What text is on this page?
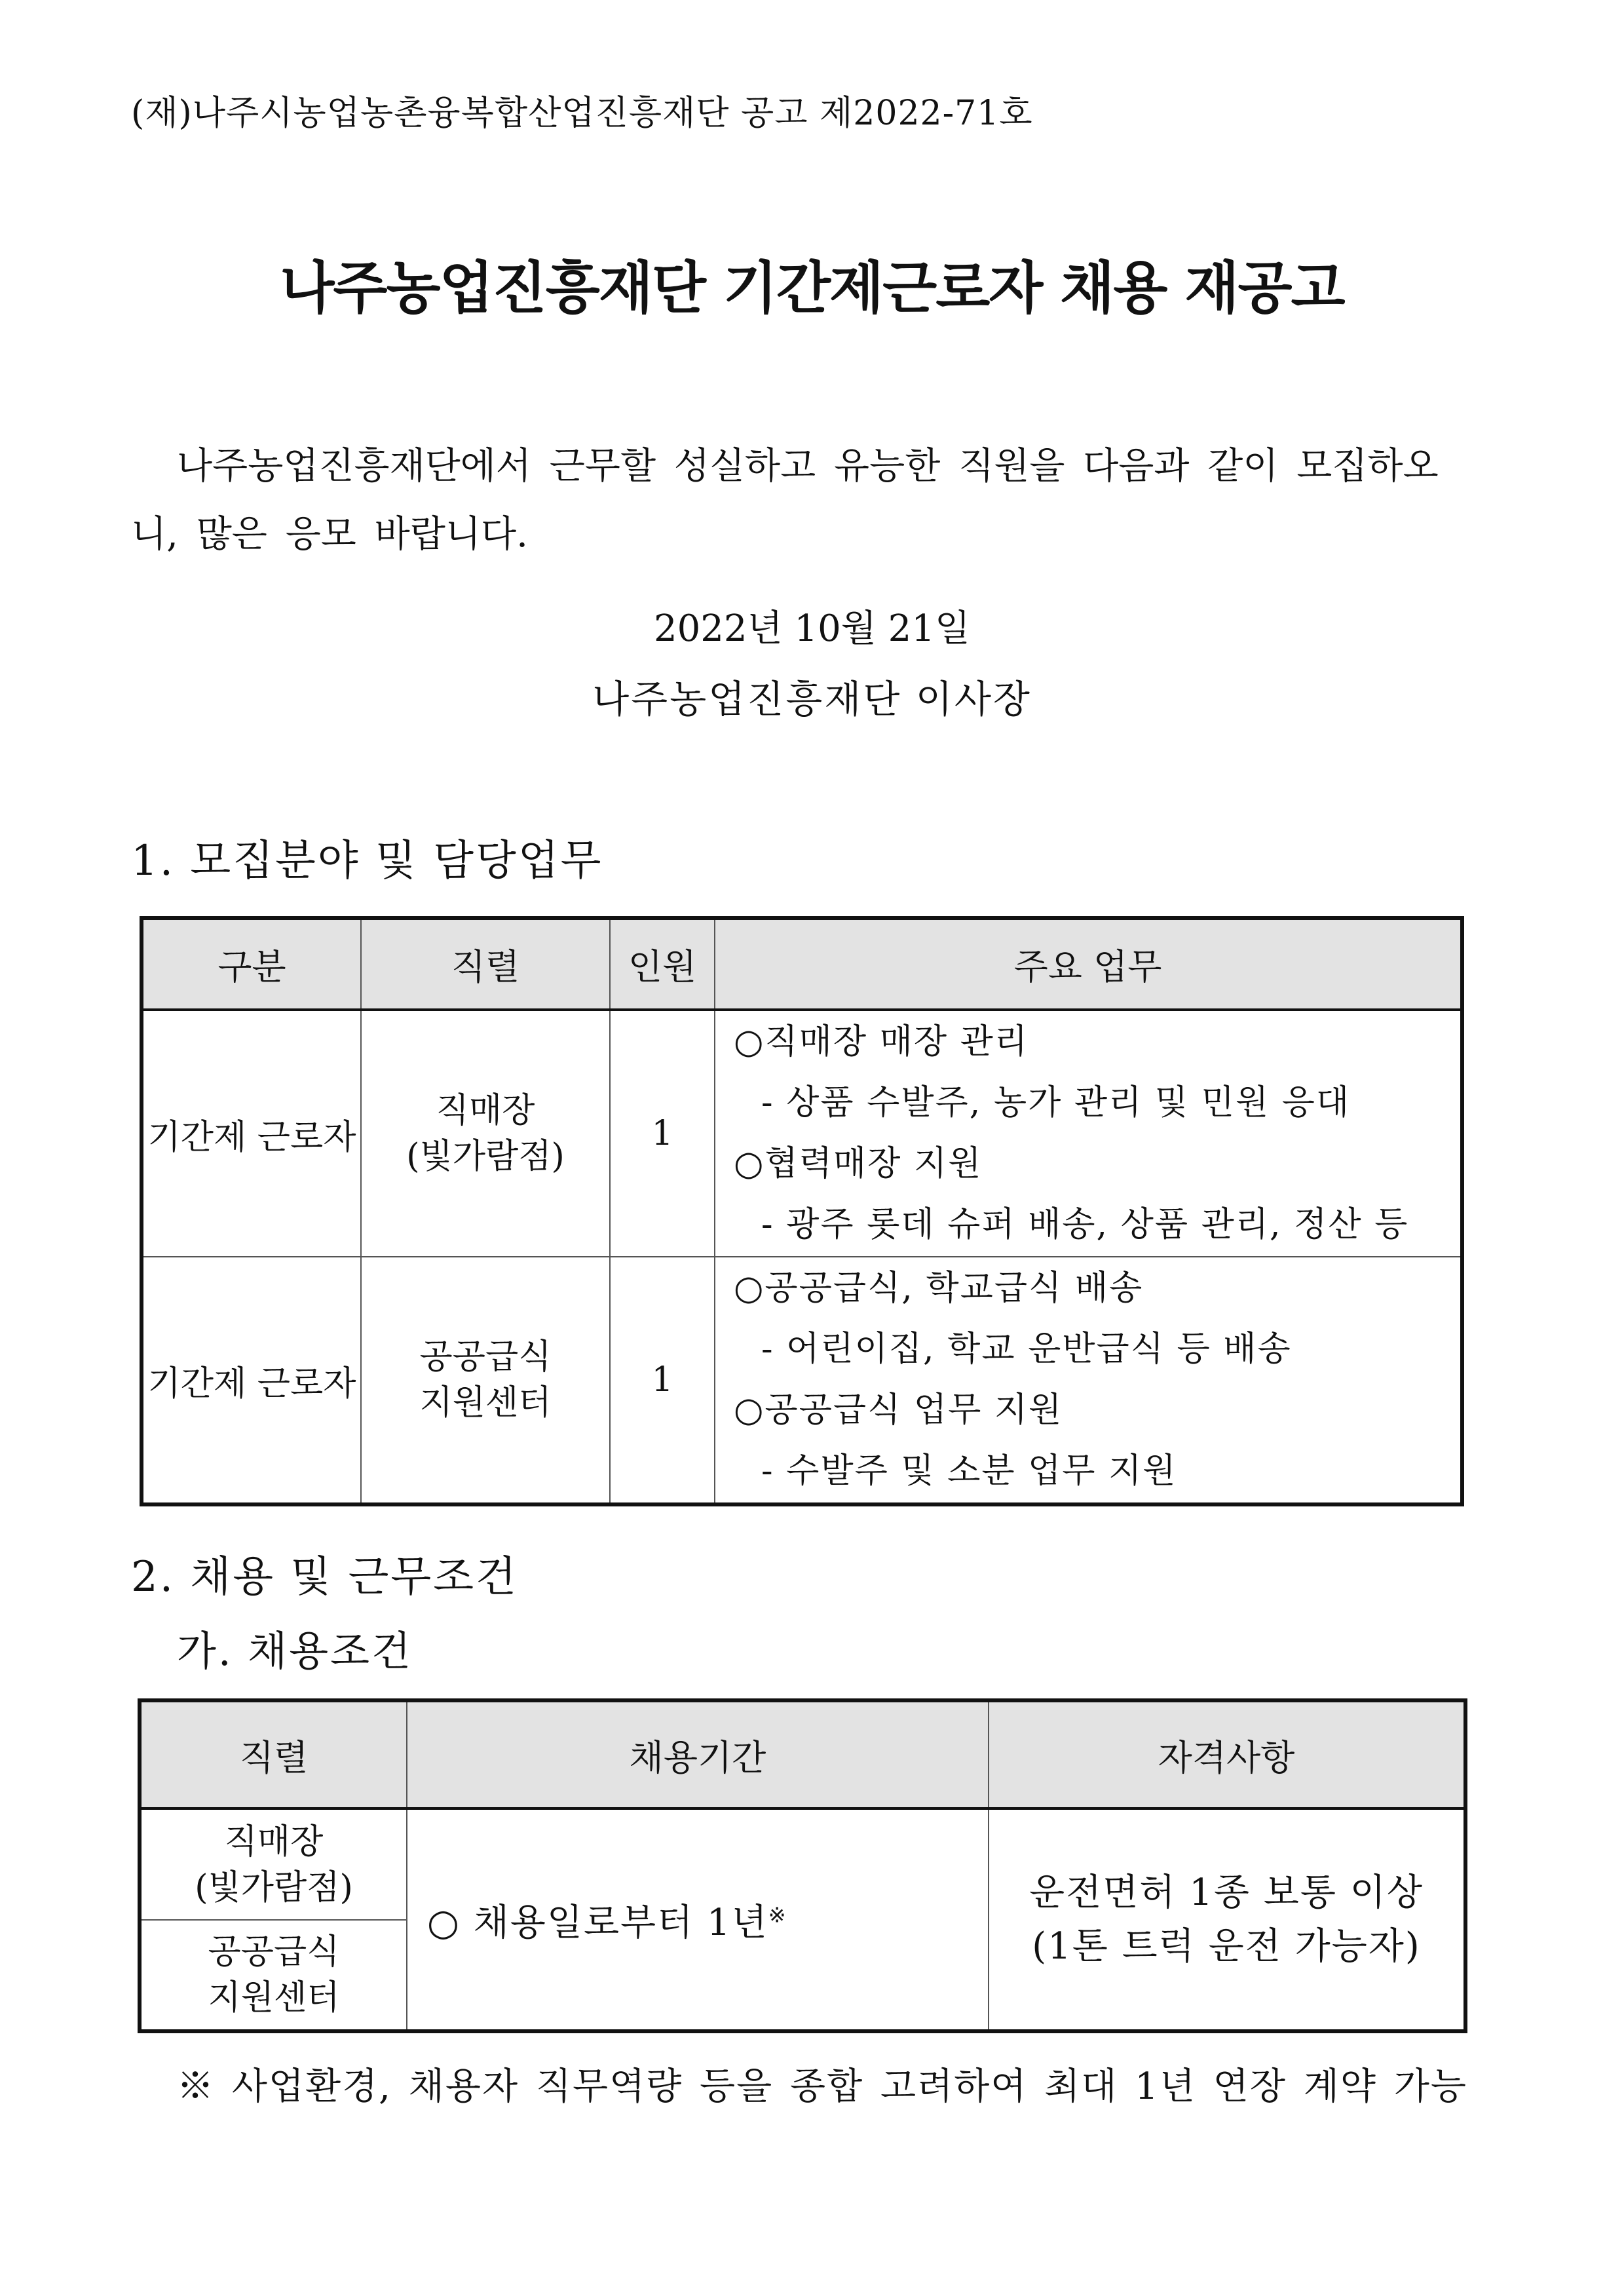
(재)나주시농업농촌융복합산업진흥재단 공고 제2022-71호
나주농업진흥재단 기간제근로자 채용 재공고
나주농업진흥재단에서 근무할 성실하고 유능한 직원을 다음과 같이 모집하오니, 많은 응모 바랍니다.
2022년 10월 21일
나주농업진흥재단 이사장
1. 모집분야 및 담당업무
구분	직렬	인원	주요 업무
기간제 근로자	직매장
(빛가람점)	1	○직매장 매장 관리
- 상품 수발주, 농가 관리 및 민원 응대
○협력매장 지원
- 광주 롯데 슈퍼 배송, 상품 관리, 정산 등

기간제 근로자	공공급식
지원센터	1	○공공급식, 학교급식 배송
- 어린이집, 학교 운반급식 등 배송
○공공급식 업무 지원
- 수발주 및 소분 업무 지원
2. 채용 및 근무조건
가. 채용조건
직렬	채용기간	자격사항

직매장
(빛가람점)	○ 채용일로부터 1년※	운전면허 1종 보통 이상
(1톤 트럭 운전 가능자)

공공급식
지원센터		
※ 사업환경, 채용자 직무역량 등을 종합 고려하여 최대 1년 연장 계약 가능
